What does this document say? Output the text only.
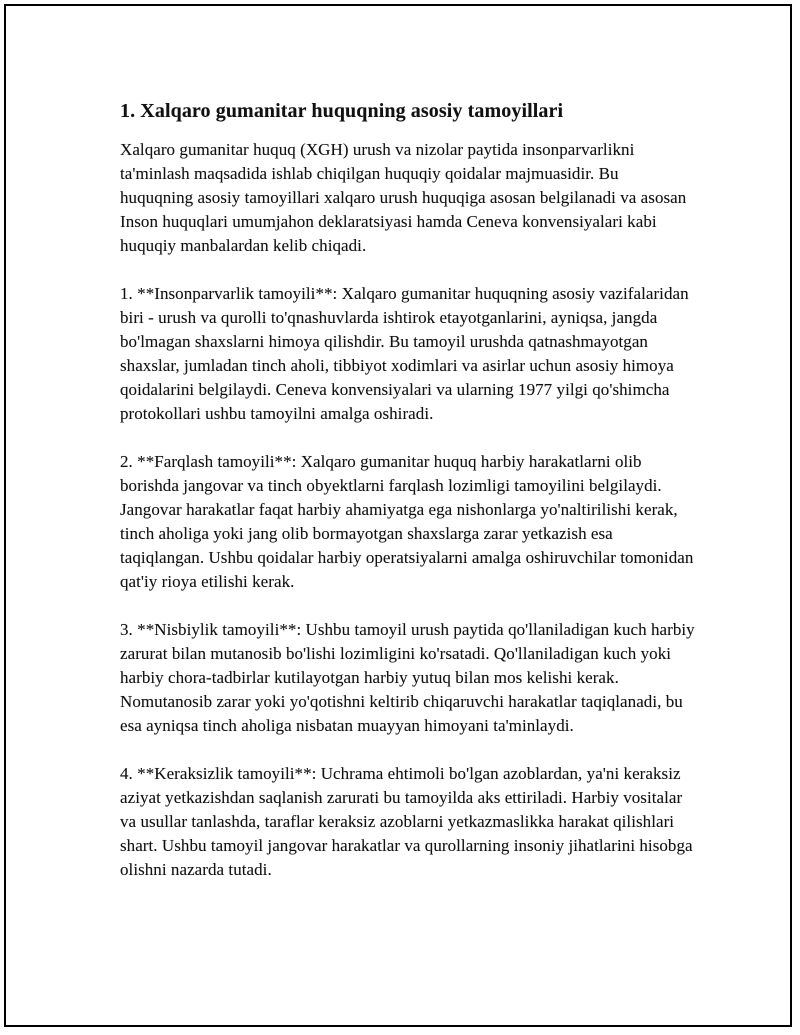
1. Xalqaro gumanitar huquqning asosiy tamoyillari

Xalqaro gumanitar huquq (XGH) urush va nizolar paytida insonparvarlikni ta'minlash maqsadida ishlab chiqilgan huquqiy qoidalar majmuasidir. Bu huquqning asosiy tamoyillari xalqaro urush huquqiga asosan belgilanadi va asosan Inson huquqlari umumjahon deklaratsiyasi hamda Ceneva konvensiyalari kabi huquqiy manbalardan kelib chiqadi.

1. **Insonparvarlik tamoyili**: Xalqaro gumanitar huquqning asosiy vazifalaridan biri - urush va qurolli to'qnashuvlarda ishtirok etayotganlarini, ayniqsa, jangda bo'lmagan shaxslarni himoya qilishdir. Bu tamoyil urushda qatnashmayotgan shaxslar, jumladan tinch aholi, tibbiyot xodimlari va asirlar uchun asosiy himoya qoidalarini belgilaydi. Ceneva konvensiyalari va ularning 1977 yilgi qo'shimcha protokollari ushbu tamoyilni amalga oshiradi.

2. **Farqlash tamoyili**: Xalqaro gumanitar huquq harbiy harakatlarni olib borishda jangovar va tinch obyektlarni farqlash lozimligi tamoyilini belgilaydi. Jangovar harakatlar faqat harbiy ahamiyatga ega nishonlarga yo'naltirilishi kerak, tinch aholiga yoki jang olib bormayotgan shaxslarga zarar yetkazish esa taqiqlangan. Ushbu qoidalar harbiy operatsiyalarni amalga oshiruvchilar tomonidan qat'iy rioya etilishi kerak.

3. **Nisbiylik tamoyili**: Ushbu tamoyil urush paytida qo'llaniladigan kuch harbiy zarurat bilan mutanosib bo'lishi lozimligini ko'rsatadi. Qo'llaniladigan kuch yoki harbiy chora-tadbirlar kutilayotgan harbiy yutuq bilan mos kelishi kerak. Nomutanosib zarar yoki yo'qotishni keltirib chiqaruvchi harakatlar taqiqlanadi, bu esa ayniqsa tinch aholiga nisbatan muayyan himoyani ta'minlaydi.

4. **Keraksizlik tamoyili**: Uchrama ehtimoli bo'lgan azoblardan, ya'ni keraksiz aziyat yetkazishdan saqlanish zarurati bu tamoyilda aks ettiriladi. Harbiy vositalar va usullar tanlashda, taraflar keraksiz azoblarni yetkazmaslikka harakat qilishlari shart. Ushbu tamoyil jangovar harakatlar va qurollarning insoniy jihatlarini hisobga olishni nazarda tutadi.
